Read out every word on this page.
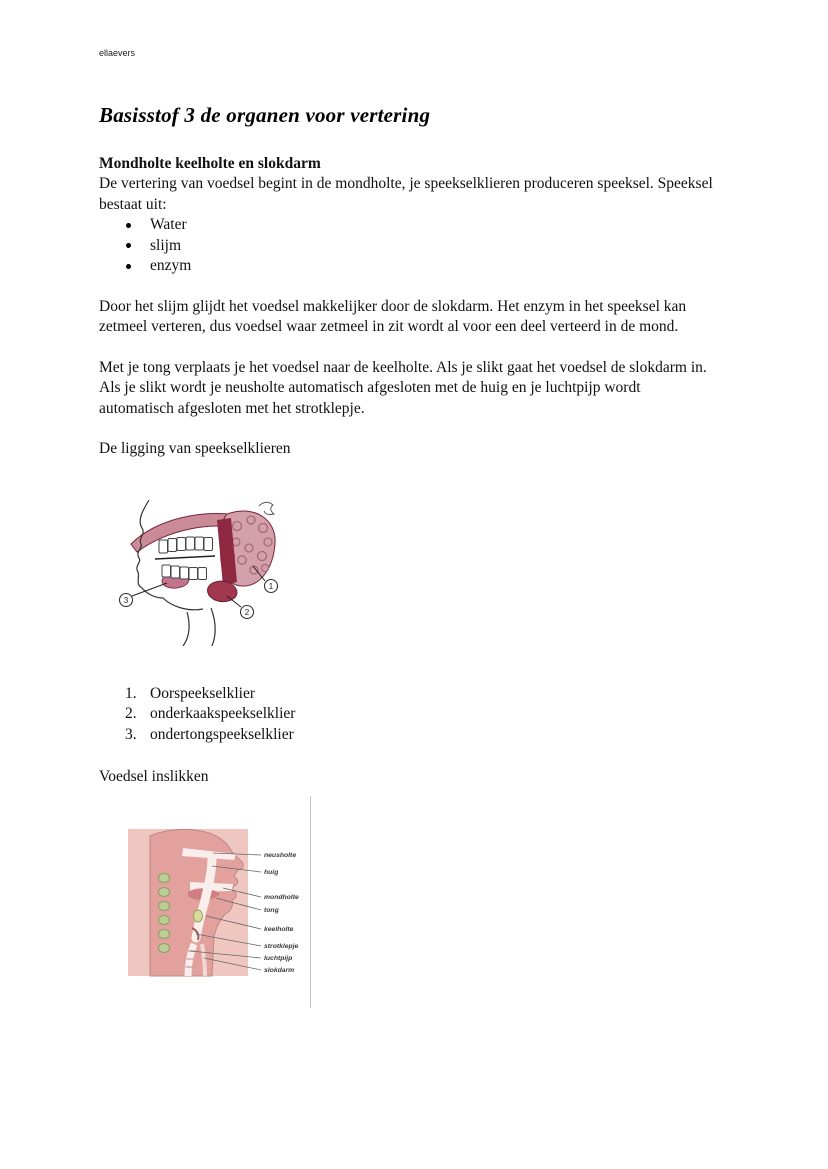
ellaevers
Basisstof 3 de organen voor vertering
Mondholte keelholte en slokdarm

De vertering van voedsel begint in de mondholte, je speekselklieren produceren speeksel. Speeksel bestaat uit:

Water
slijm
enzym

Door het slijm glijdt het voedsel makkelijker door de slokdarm. Het enzym in het speeksel kan zetmeel verteren, dus voedsel waar zetmeel in zit wordt al voor een deel verteerd in de mond.

Met je tong verplaats je het voedsel naar de keelholte. Als je slikt gaat het voedsel de slokdarm in. Als je slikt wordt je neusholte automatisch afgesloten met de huig en je luchtpijp wordt automatisch afgesloten met het strotklepje.

De ligging van speekselklieren

1
2
3
1. Oorspeekselklier
2. onderkaakspeekselklier
3. ondertongspeekselklier

Voedsel inslikken

neusholte
huig
mondholte
tong
keelholte
strotklepje
luchtpijp
slokdarm
